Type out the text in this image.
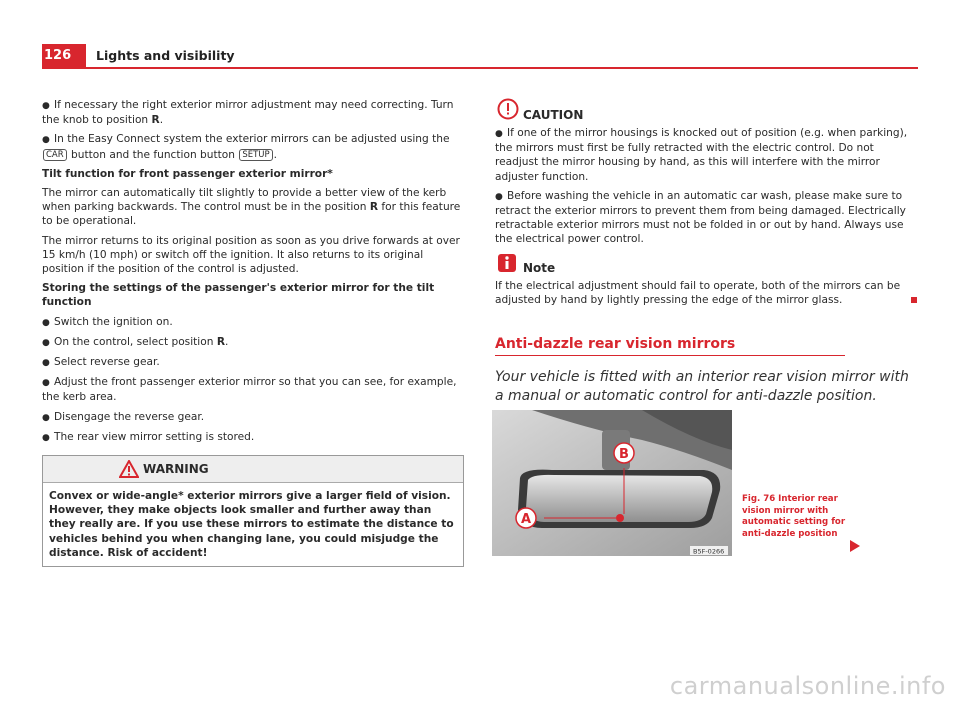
126 Lights and visibility

● If necessary the right exterior mirror adjustment may need correcting. Turn the knob to position R.

● In the Easy Connect system the exterior mirrors can be adjusted using the CAR button and the function button SETUP .

Tilt function for front passenger exterior mirror*

The mirror can automatically tilt slightly to provide a better view of the kerb when parking backwards. The control must be in the position R for this feature to be operational.

The mirror returns to its original position as soon as you drive forwards at over 15 km/h (10 mph) or switch off the ignition. It also returns to its original position if the position of the control is adjusted.

Storing the settings of the passenger's exterior mirror for the tilt function

● Switch the ignition on.

● On the control, select position R.

● Select reverse gear.

● Adjust the front passenger exterior mirror so that you can see, for example, the kerb area.

● Disengage the reverse gear.

● The rear view mirror setting is stored.

WARNING
Convex or wide-angle* exterior mirrors give a larger field of vision. However, they make objects look smaller and further away than they really are. If you use these mirrors to estimate the distance to vehicles behind you when changing lane, you could misjudge the distance. Risk of accident!
CAUTION

● If one of the mirror housings is knocked out of position (e.g. when parking), the mirrors must first be fully retracted with the electric control. Do not readjust the mirror housing by hand, as this will interfere with the mirror adjuster function.

● Before washing the vehicle in an automatic car wash, please make sure to retract the exterior mirrors to prevent them from being damaged. Electrically retractable exterior mirrors must not be folded in or out by hand. Always use the electrical power control.

Note

If the electrical adjustment should fail to operate, both of the mirrors can be adjusted by hand by lightly pressing the edge of the mirror glass.

Anti-dazzle rear vision mirrors
Your vehicle is fitted with an interior rear vision mirror with a manual or automatic control for anti-dazzle position.
A
B
B5F-0266
Fig. 76 Interior rear vision mirror with automatic setting for anti-dazzle position
carmanualsonline.info
